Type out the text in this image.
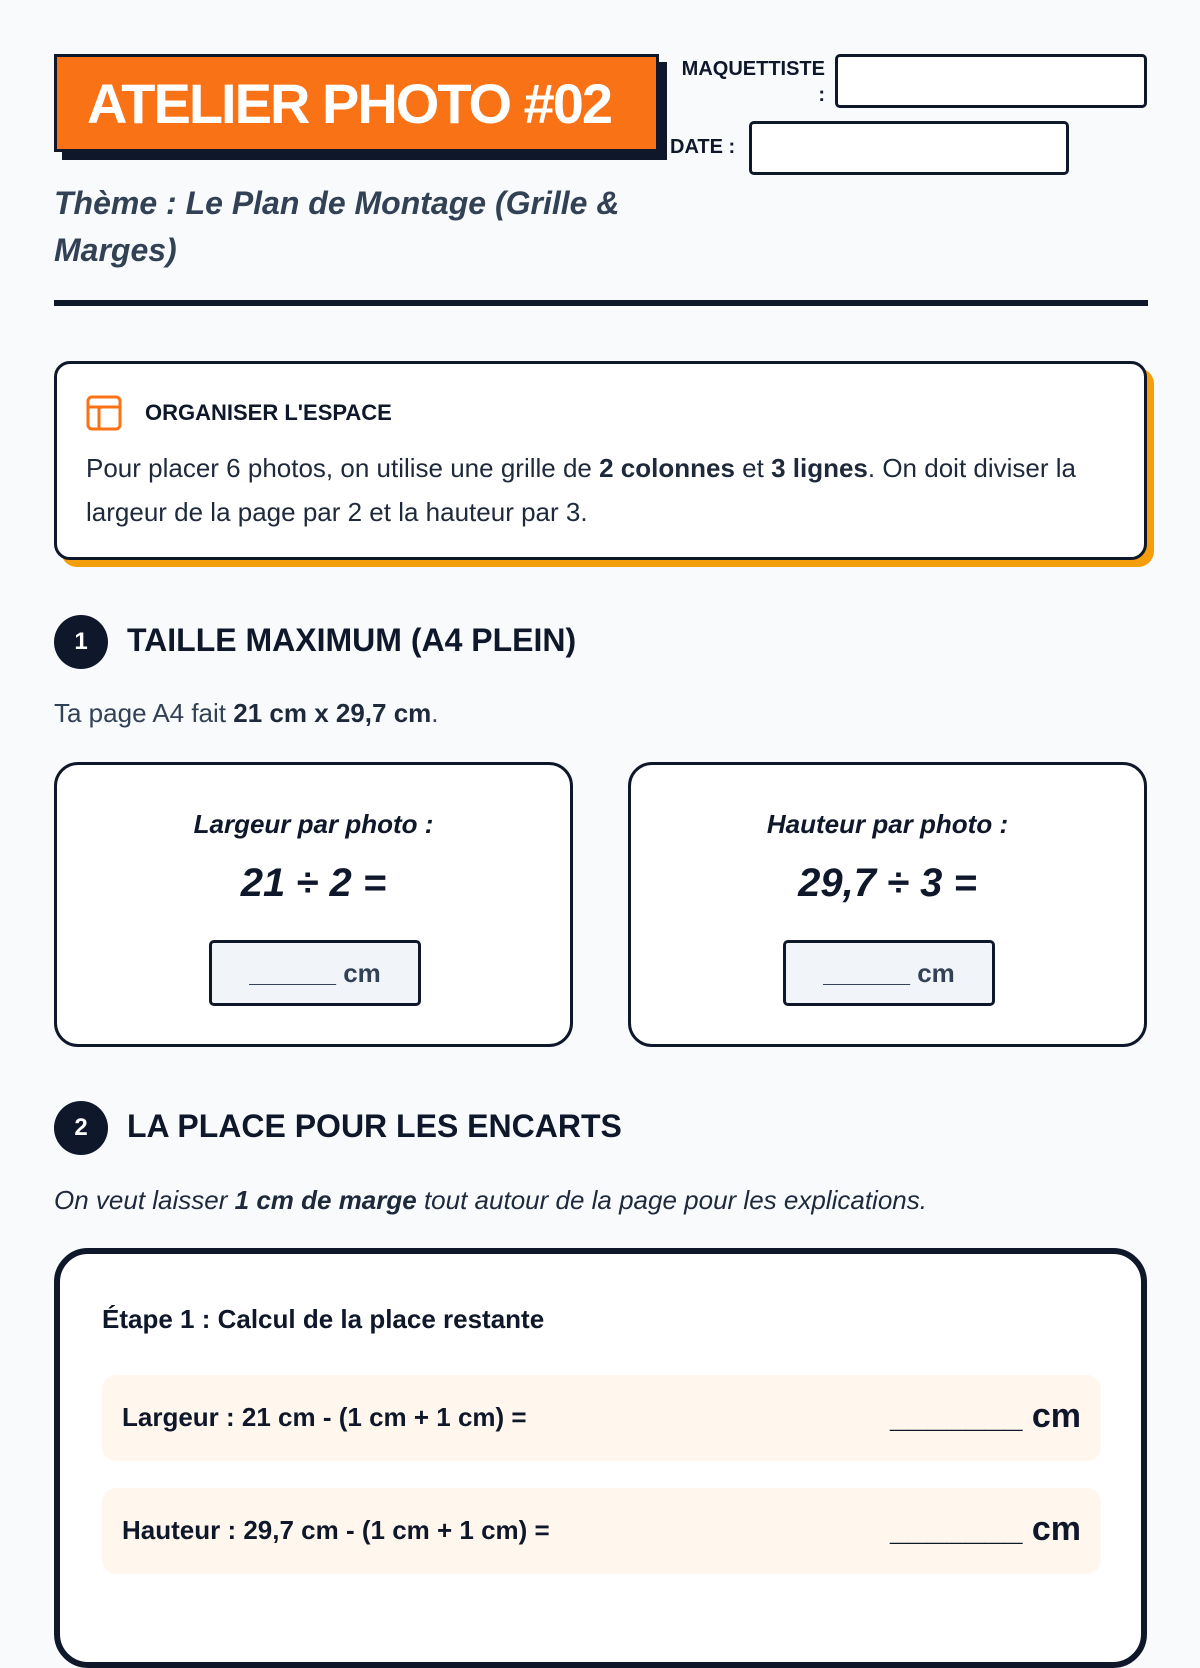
ATELIER PHOTO #02
MAQUETTISTE
:
DATE :
Thème : Le Plan de Montage (Grille & Marges)
ORGANISER L'ESPACE
Pour placer 6 photos, on utilise une grille de 2 colonnes et 3 lignes. On doit diviser la largeur de la page par 2 et la hauteur par 3.
1	TAILLE MAXIMUM (A4 PLEIN)
Ta page A4 fait 21 cm x 29,7 cm.
Largeur par photo :
21 ÷ 2 =
______ cm
Hauteur par photo :
29,7 ÷ 3 =
______ cm
2	LA PLACE POUR LES ENCARTS
On veut laisser 1 cm de marge tout autour de la page pour les explications.
Étape 1 : Calcul de la place restante
Largeur : 21 cm - (1 cm + 1 cm) =	_______ cm
Hauteur : 29,7 cm - (1 cm + 1 cm) =	_______ cm
